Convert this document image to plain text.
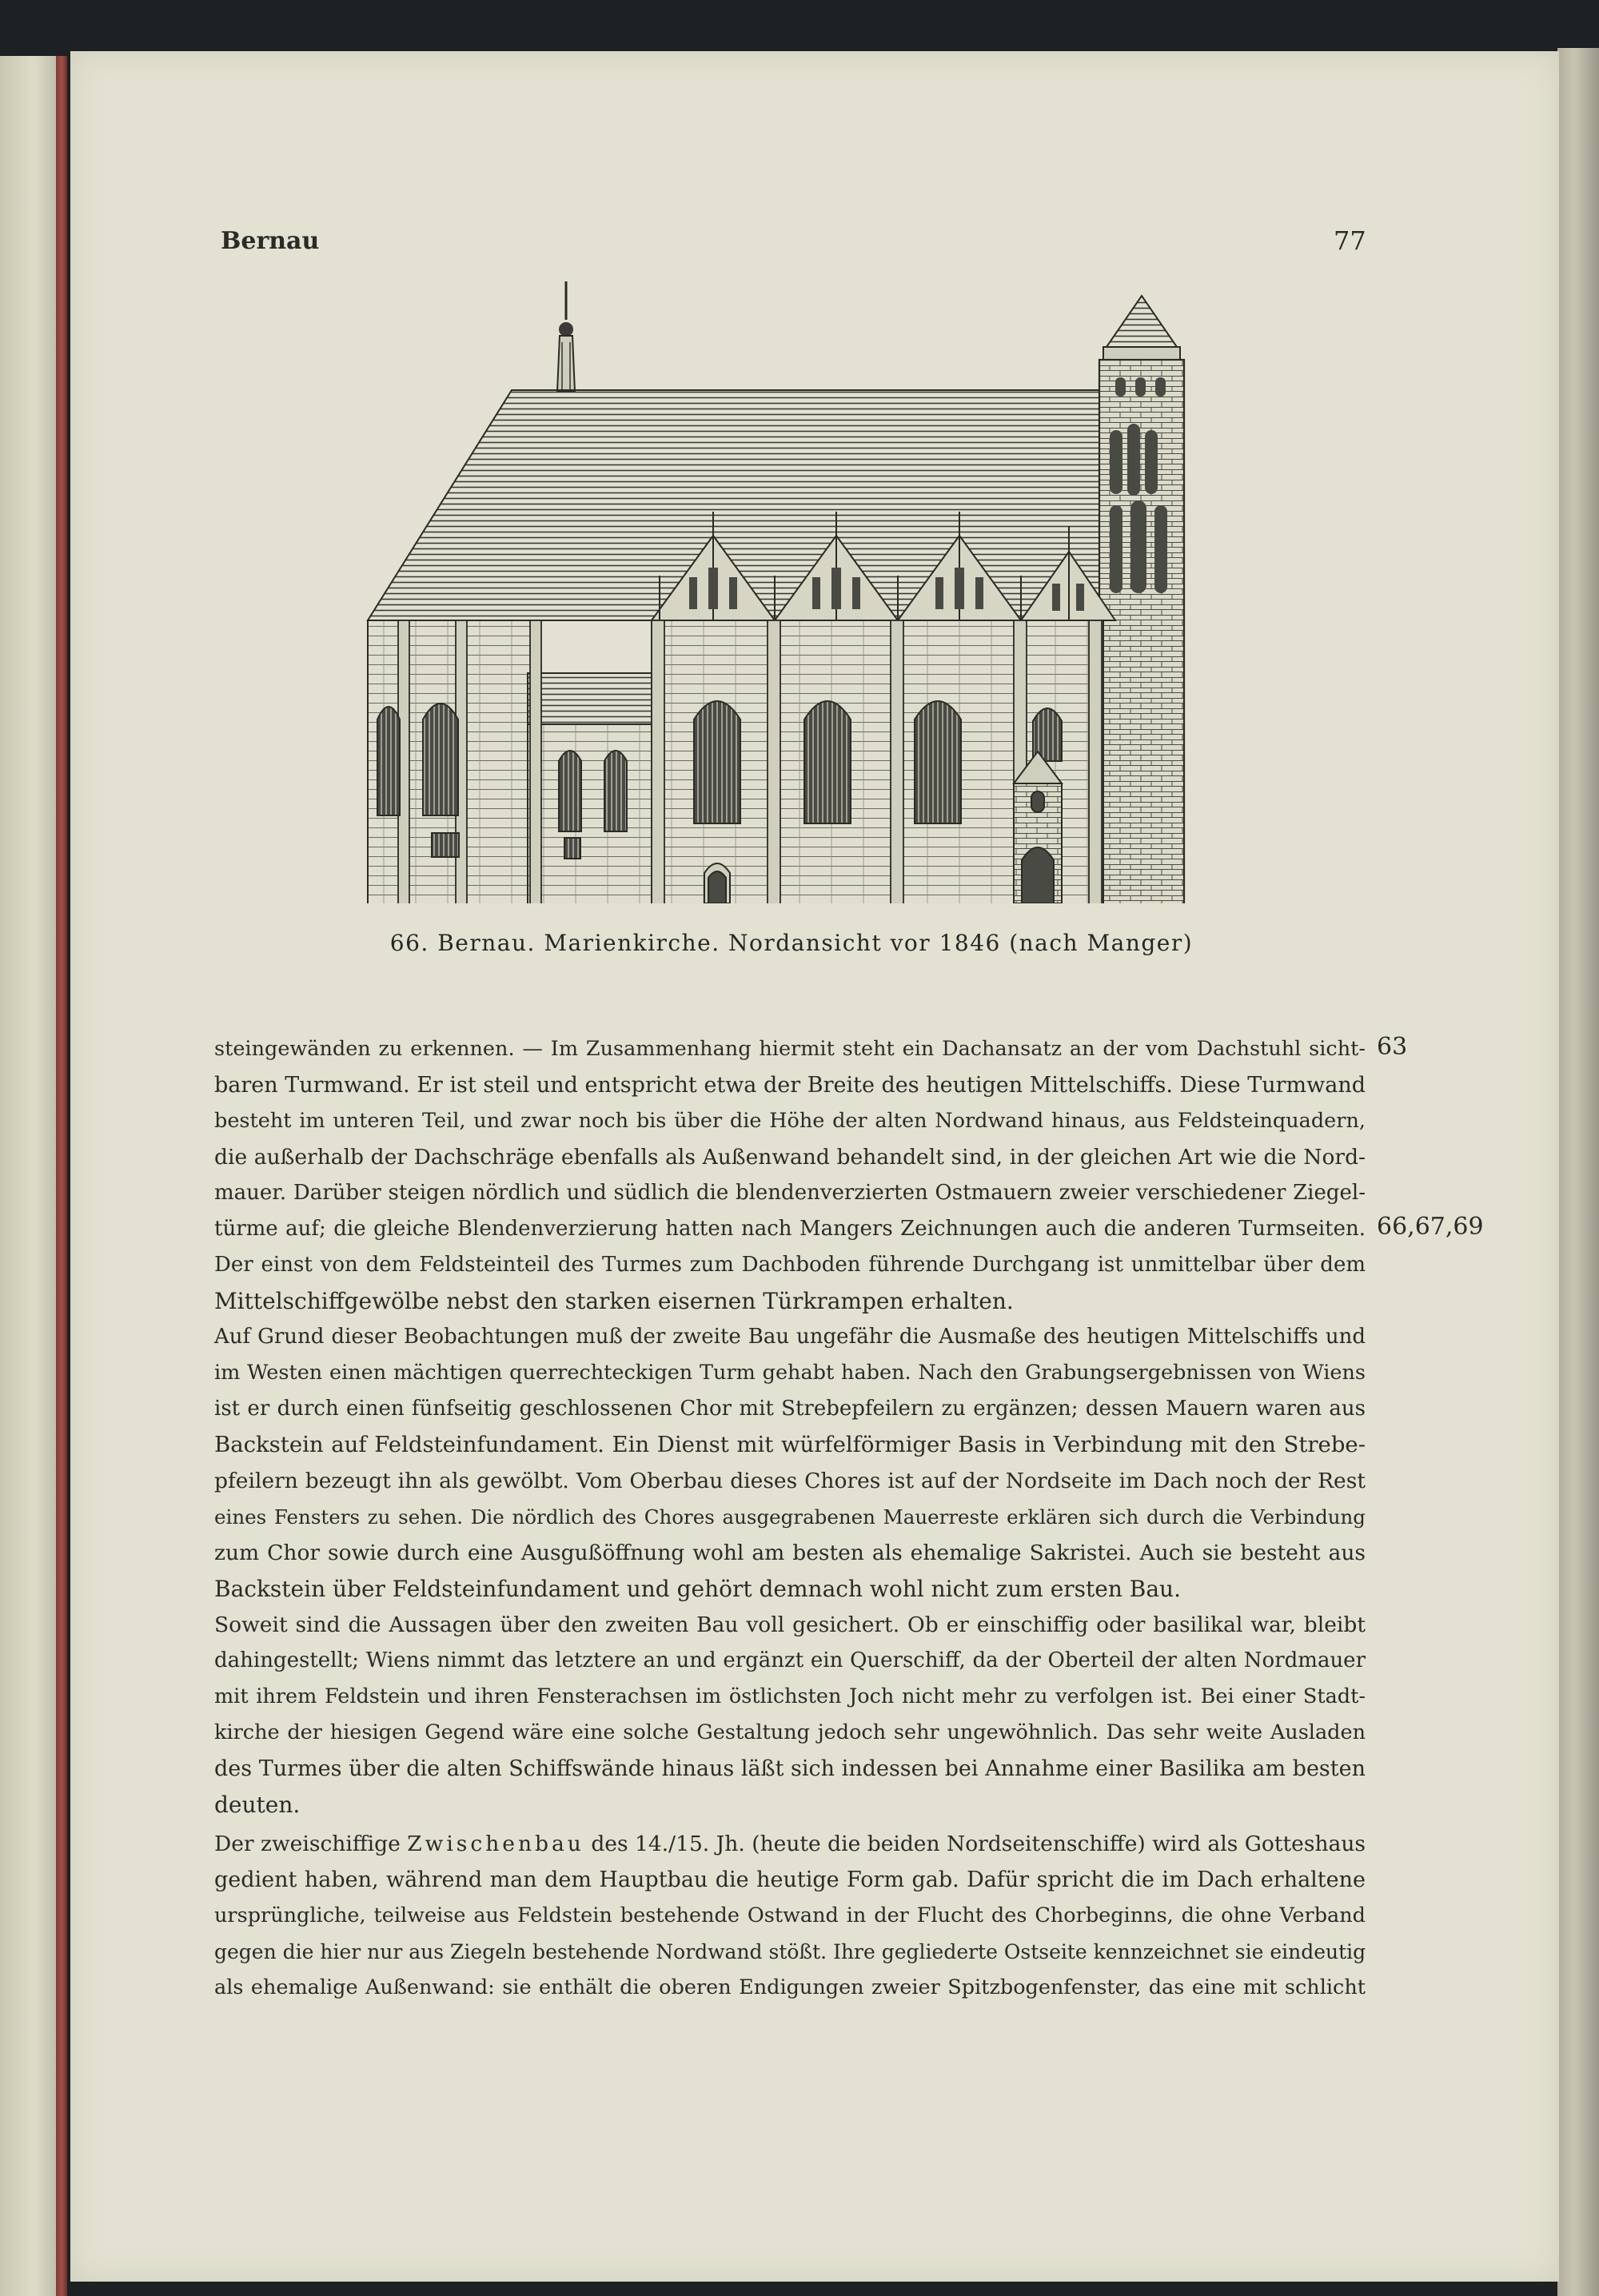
Bernau	77
66. Bernau. Marienkirche. Nordansicht vor 1846 (nach Manger)
steingewänden zu erkennen. — Im Zusammenhang hiermit steht ein Dachansatz an der vom Dachstuhl sicht-
baren Turmwand. Er ist steil und entspricht etwa der Breite des heutigen Mittelschiffs. Diese Turmwand
besteht im unteren Teil, und zwar noch bis über die Höhe der alten Nordwand hinaus, aus Feldsteinquadern,
die außerhalb der Dachschräge ebenfalls als Außenwand behandelt sind, in der gleichen Art wie die Nord-
mauer. Darüber steigen nördlich und südlich die blendenverzierten Ostmauern zweier verschiedener Ziegel-
türme auf; die gleiche Blendenverzierung hatten nach Mangers Zeichnungen auch die anderen Turmseiten.
Der einst von dem Feldsteinteil des Turmes zum Dachboden führende Durchgang ist unmittelbar über dem
Mittelschiffgewölbe nebst den starken eisernen Türkrampen erhalten.
Auf Grund dieser Beobachtungen muß der zweite Bau ungefähr die Ausmaße des heutigen Mittelschiffs und
im Westen einen mächtigen querrechteckigen Turm gehabt haben. Nach den Grabungsergebnissen von Wiens
ist er durch einen fünfseitig geschlossenen Chor mit Strebepfeilern zu ergänzen; dessen Mauern waren aus
Backstein auf Feldsteinfundament. Ein Dienst mit würfelförmiger Basis in Verbindung mit den Strebe-
pfeilern bezeugt ihn als gewölbt. Vom Oberbau dieses Chores ist auf der Nordseite im Dach noch der Rest
eines Fensters zu sehen. Die nördlich des Chores ausgegrabenen Mauerreste erklären sich durch die Verbindung
zum Chor sowie durch eine Ausgußöffnung wohl am besten als ehemalige Sakristei. Auch sie besteht aus
Backstein über Feldsteinfundament und gehört demnach wohl nicht zum ersten Bau.
Soweit sind die Aussagen über den zweiten Bau voll gesichert. Ob er einschiffig oder basilikal war, bleibt
dahingestellt; Wiens nimmt das letztere an und ergänzt ein Querschiff, da der Oberteil der alten Nordmauer
mit ihrem Feldstein und ihren Fensterachsen im östlichsten Joch nicht mehr zu verfolgen ist. Bei einer Stadt-
kirche der hiesigen Gegend wäre eine solche Gestaltung jedoch sehr ungewöhnlich. Das sehr weite Ausladen
des Turmes über die alten Schiffswände hinaus läßt sich indessen bei Annahme einer Basilika am besten
deuten.
Der zweischiffige Zwischenbau des 14./15. Jh. (heute die beiden Nordseitenschiffe) wird als Gotteshaus
gedient haben, während man dem Hauptbau die heutige Form gab. Dafür spricht die im Dach erhaltene
ursprüngliche, teilweise aus Feldstein bestehende Ostwand in der Flucht des Chorbeginns, die ohne Verband
gegen die hier nur aus Ziegeln bestehende Nordwand stößt. Ihre gegliederte Ostseite kennzeichnet sie eindeutig
als ehemalige Außenwand: sie enthält die oberen Endigungen zweier Spitzbogenfenster, das eine mit schlicht
63
66,67,69
